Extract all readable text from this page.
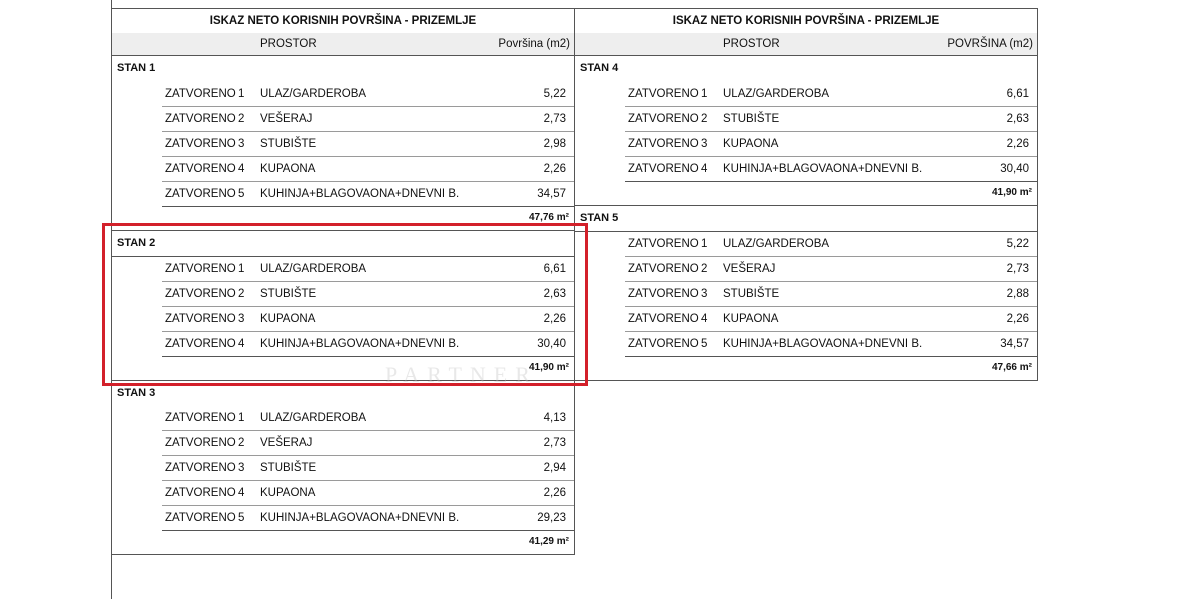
ISKAZ NETO KORISNIH POVRŠINA - PRIZEMLJE
PROSTOR	Površina (m2)
STAN 1
ZATVORENO 1 ULAZ/GARDEROBA	5,22
ZATVORENO 2 VEŠERAJ	2,73
ZATVORENO 3 STUBIŠTE	2,98
ZATVORENO 4 KUPAONA	2,26
ZATVORENO 5 KUHINJA+BLAGOVAONA+DNEVNI B.	34,57
47,76 m²
STAN 2
ZATVORENO 1 ULAZ/GARDEROBA	6,61
ZATVORENO 2 STUBIŠTE	2,63
ZATVORENO 3 KUPAONA	2,26
ZATVORENO 4 KUHINJA+BLAGOVAONA+DNEVNI B.	30,40
41,90 m²
STAN 3
ZATVORENO 1 ULAZ/GARDEROBA	4,13
ZATVORENO 2 VEŠERAJ	2,73
ZATVORENO 3 STUBIŠTE	2,94
ZATVORENO 4 KUPAONA	2,26
ZATVORENO 5 KUHINJA+BLAGOVAONA+DNEVNI B.	29,23
41,29 m²
ISKAZ NETO KORISNIH POVRŠINA - PRIZEMLJE
PROSTOR	POVRŠINA (m2)
STAN 4
ZATVORENO 1 ULAZ/GARDEROBA	6,61
ZATVORENO 2 STUBIŠTE	2,63
ZATVORENO 3 KUPAONA	2,26
ZATVORENO 4 KUHINJA+BLAGOVAONA+DNEVNI B.	30,40
41,90 m²
STAN 5
ZATVORENO 1 ULAZ/GARDEROBA	5,22
ZATVORENO 2 VEŠERAJ	2,73
ZATVORENO 3 STUBIŠTE	2,88
ZATVORENO 4 KUPAONA	2,26
ZATVORENO 5 KUHINJA+BLAGOVAONA+DNEVNI B.	34,57
47,66 m²
PARTNER
